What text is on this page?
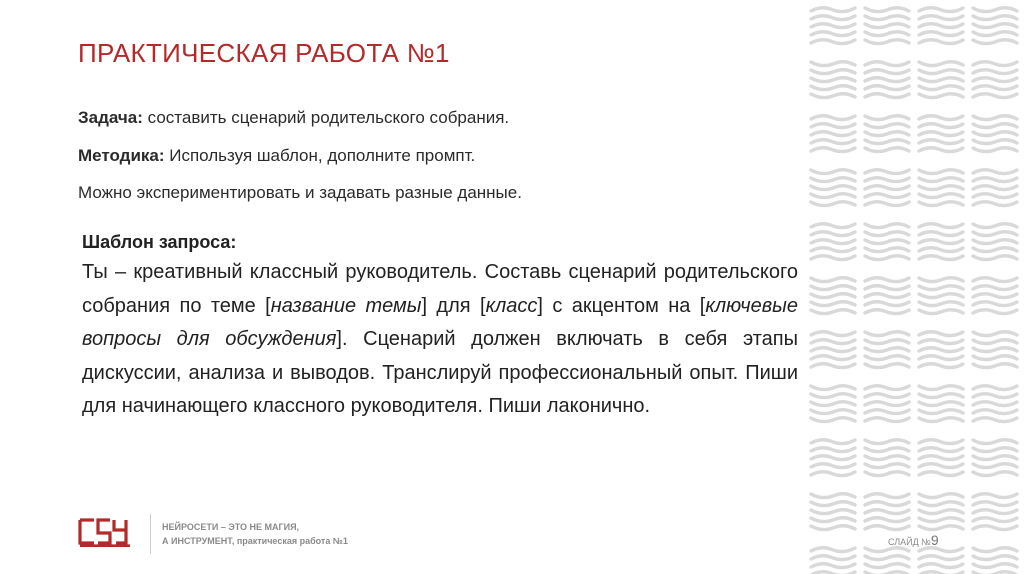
ПРАКТИЧЕСКАЯ РАБОТА №1
Задача: составить сценарий родительского собрания.
Методика: Используя шаблон, дополните промпт.
Можно экспериментировать и задавать разные данные.
Шаблон запроса:
Ты – креативный классный руководитель. Составь сценарий родительского собрания по теме [название темы] для [класс] с акцентом на [ключевые вопросы для обсуждения]. Сценарий должен включать в себя этапы дискуссии, анализа и выводов. Транслируй профессиональный опыт. Пиши для начинающего классного руководителя. Пиши лаконично.
НЕЙРОСЕТИ – ЭТО НЕ МАГИЯ,
А ИНСТРУМЕНТ, практическая работа №1	СЛАЙД №9
